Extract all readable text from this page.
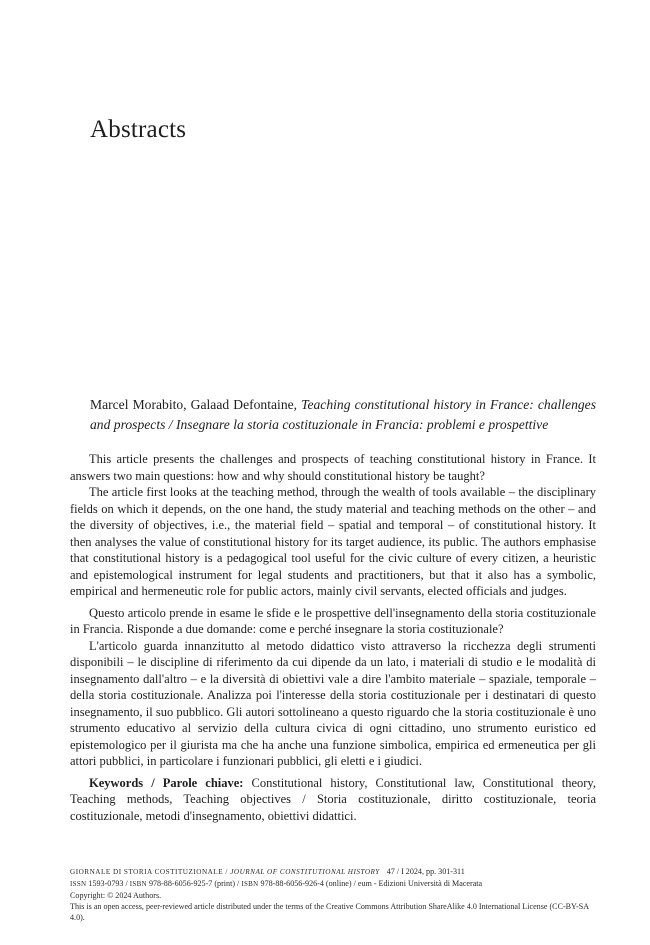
Abstracts
Marcel Morabito, Galaad Defontaine, Teaching constitutional history in France: challenges and prospects / Insegnare la storia costituzionale in Francia: problemi e prospettive

This article presents the challenges and prospects of teaching constitutional history in France. It answers two main questions: how and why should constitutional history be taught?

The article first looks at the teaching method, through the wealth of tools available – the disciplinary fields on which it depends, on the one hand, the study material and teaching methods on the other – and the diversity of objectives, i.e., the material field – spatial and temporal – of constitutional history. It then analyses the value of constitutional history for its target audience, its public. The authors emphasise that constitutional history is a pedagogical tool useful for the civic culture of every citizen, a heuristic and epistemological instrument for legal students and practitioners, but that it also has a symbolic, empirical and hermeneutic role for public actors, mainly civil servants, elected officials and judges.

Questo articolo prende in esame le sfide e le prospettive dell'insegnamento della storia costituzionale in Francia. Risponde a due domande: come e perché insegnare la storia costituzionale?

L'articolo guarda innanzitutto al metodo didattico visto attraverso la ricchezza degli strumenti disponibili – le discipline di riferimento da cui dipende da un lato, i materiali di studio e le modalità di insegnamento dall'altro – e la diversità di obiettivi vale a dire l'ambito materiale – spaziale, temporale – della storia costituzionale. Analizza poi l'interesse della storia costituzionale per i destinatari di questo insegnamento, il suo pubblico. Gli autori sottolineano a questo riguardo che la storia costituzionale è uno strumento educativo al servizio della cultura civica di ogni cittadino, uno strumento euristico ed epistemologico per il giurista ma che ha anche una funzione simbolica, empirica ed ermeneutica per gli attori pubblici, in particolare i funzionari pubblici, gli eletti e i giudici.

Keywords / Parole chiave: Constitutional history, Constitutional law, Constitutional theory, Teaching methods, Teaching objectives / Storia costituzionale, diritto costituzionale, teoria costituzionale, metodi d'insegnamento, obiettivi didattici.

GIORNALE DI STORIA COSTITUZIONALE / JOURNAL OF CONSTITUTIONAL HISTORY 47 / I 2024, pp. 301-311
ISSN 1593-0793 / ISBN 978-88-6056-925-7 (print) / ISBN 978-88-6056-926-4 (online) / eum - Edizioni Università di Macerata
Copyright: © 2024 Authors.
This is an open access, peer-reviewed article distributed under the terms of the Creative Commons Attribution ShareAlike 4.0 International License (CC-BY-SA 4.0).
